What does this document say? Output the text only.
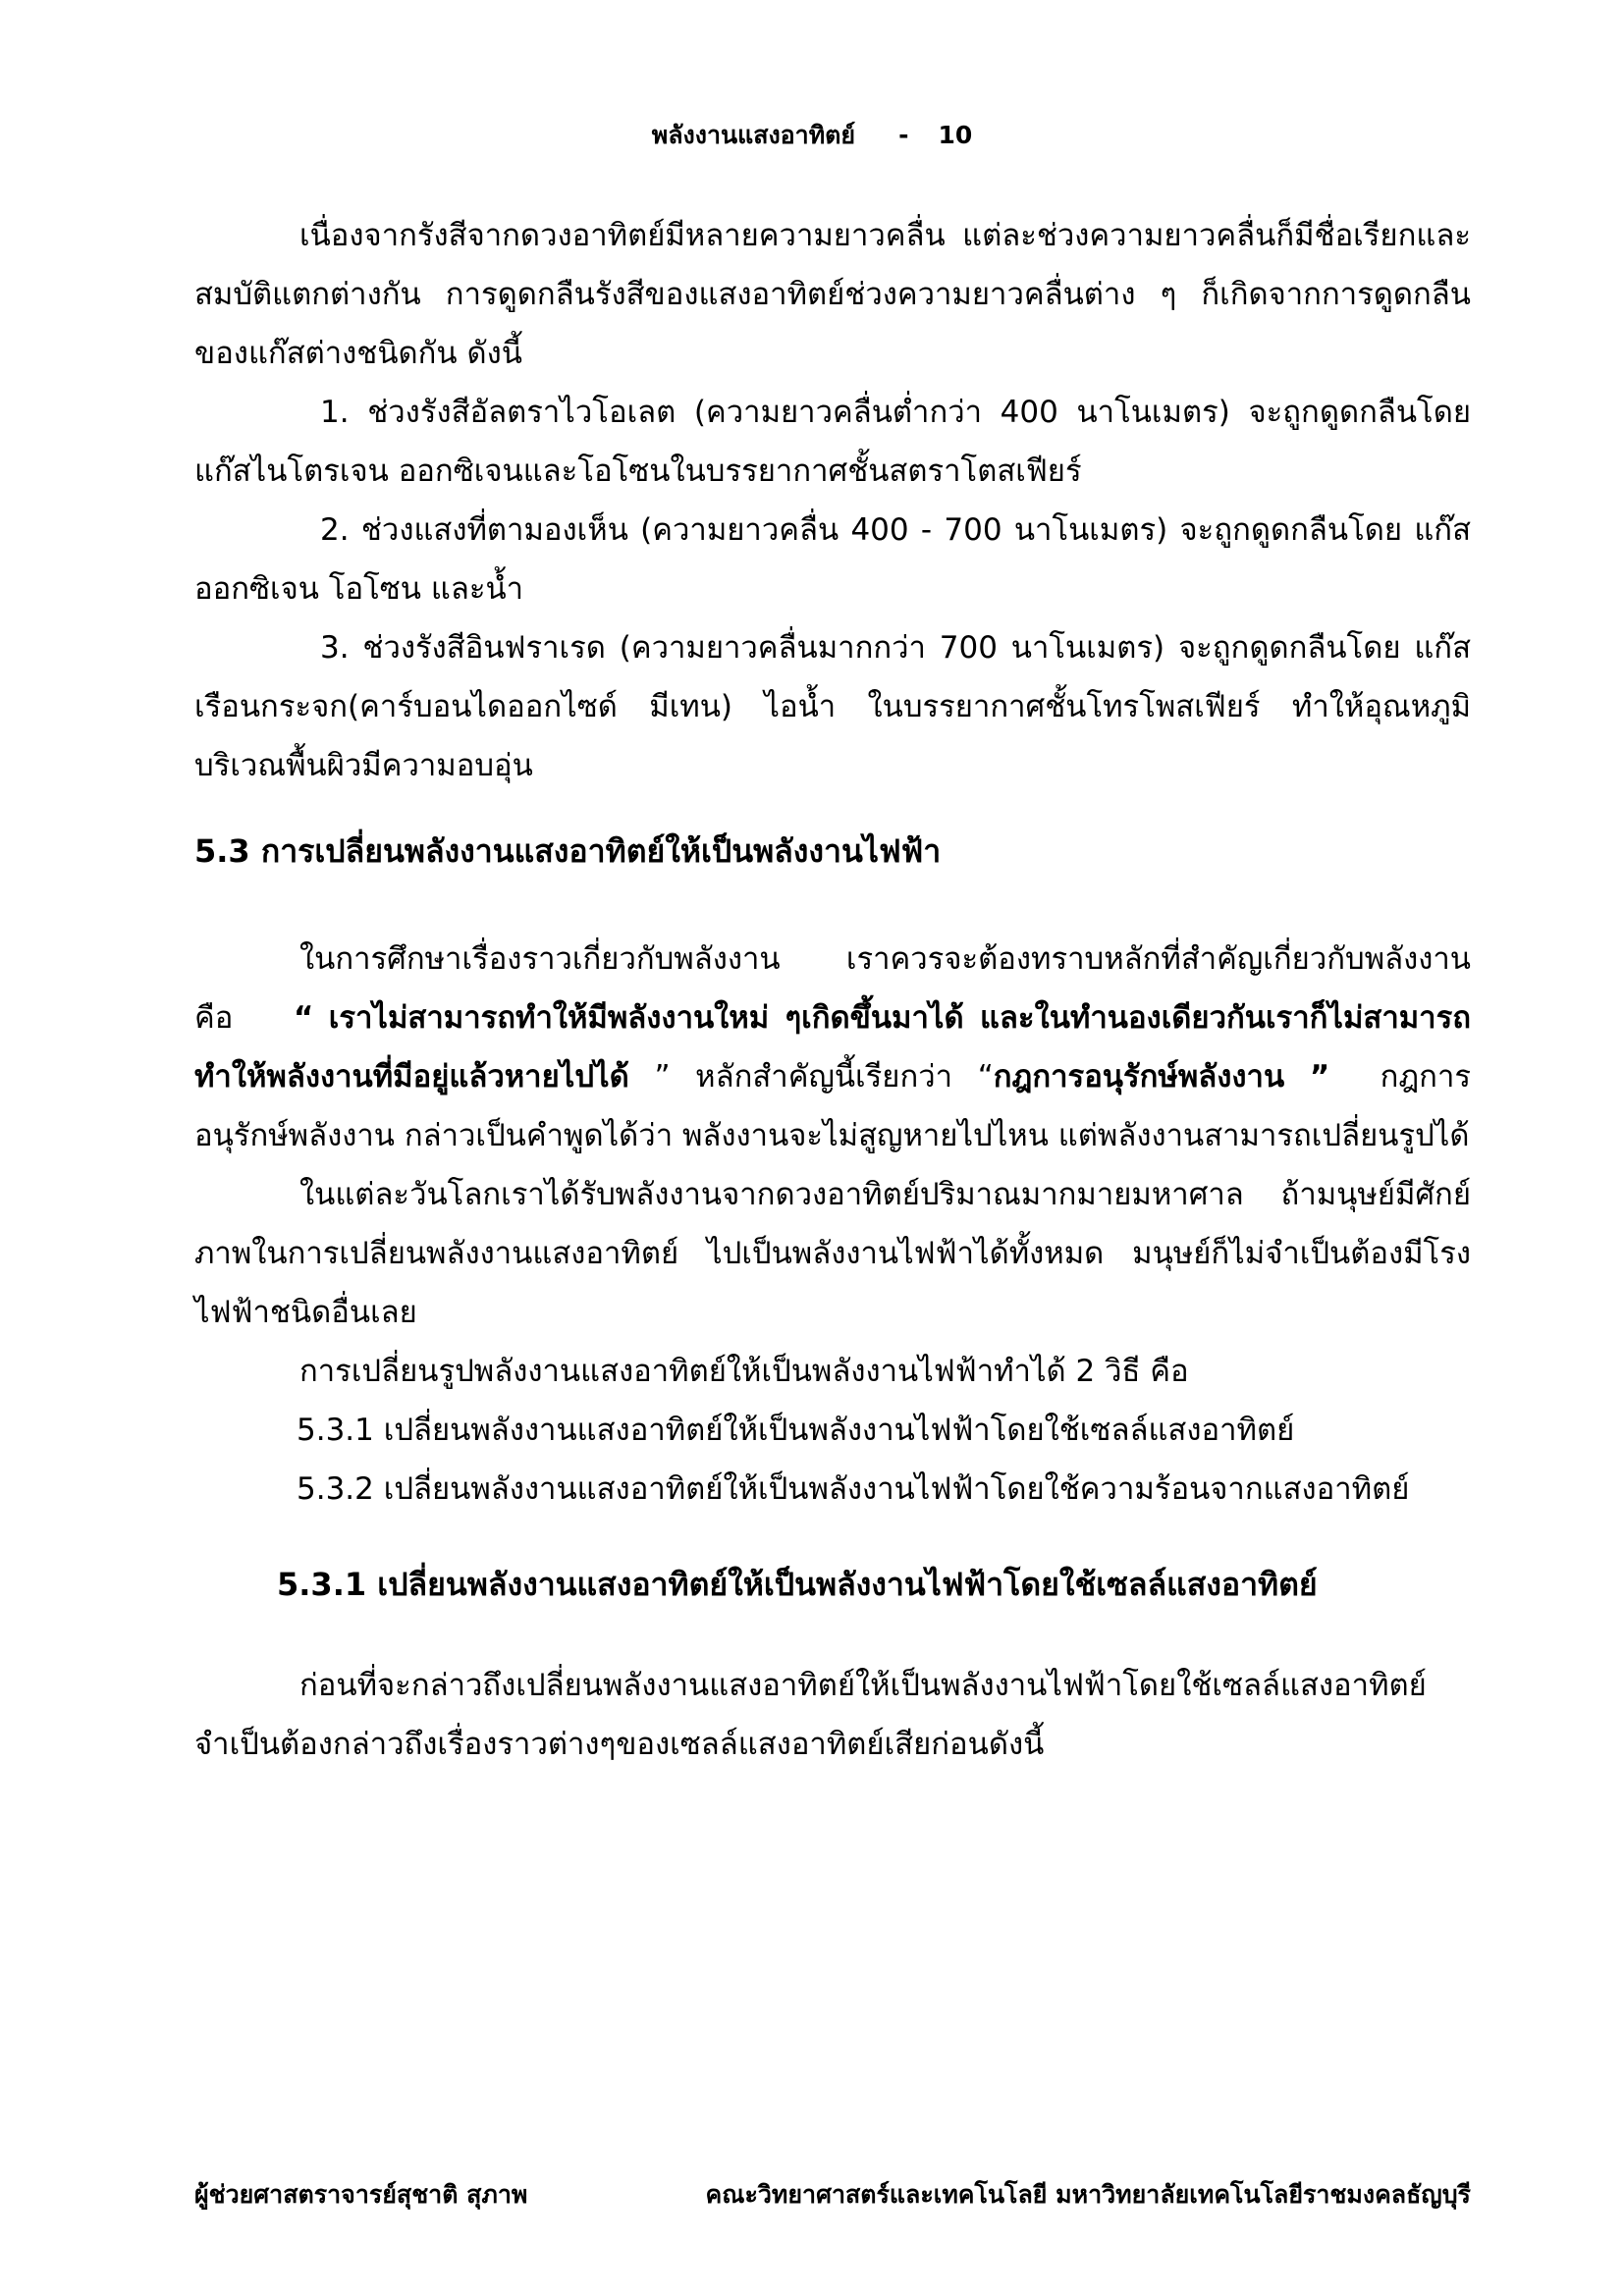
พลังงานแสงอาทิตย์ - 10

เนื่องจากรังสีจากดวงอาทิตย์มีหลายความยาวคลื่น แต่ละช่วงความยาวคลื่นก็มีชื่อเรียกและสมบัติแตกต่างกัน การดูดกลืนรังสีของแสงอาทิตย์ช่วงความยาวคลื่นต่าง ๆ ก็เกิดจากการดูดกลืนของแก๊สต่างชนิดกัน ดังนี้

1. ช่วงรังสีอัลตราไวโอเลต (ความยาวคลื่นต่ำกว่า 400 นาโนเมตร) จะถูกดูดกลืนโดยแก๊สไนโตรเจน ออกซิเจนและโอโซนในบรรยากาศชั้นสตราโตสเฟียร์

2. ช่วงแสงที่ตามองเห็น (ความยาวคลื่น 400 - 700 นาโนเมตร) จะถูกดูดกลืนโดย แก๊สออกซิเจน โอโซน และน้ำ

3. ช่วงรังสีอินฟราเรด (ความยาวคลื่นมากกว่า 700 นาโนเมตร) จะถูกดูดกลืนโดย แก๊สเรือนกระจก(คาร์บอนไดออกไซด์ มีเทน) ไอน้ำ ในบรรยากาศชั้นโทรโพสเฟียร์ ทำให้อุณหภูมิบริเวณพื้นผิวมีความอบอุ่น

5.3 การเปลี่ยนพลังงานแสงอาทิตย์ให้เป็นพลังงานไฟฟ้า

ในการศึกษาเรื่องราวเกี่ยวกับพลังงาน เราควรจะต้องทราบหลักที่สำคัญเกี่ยวกับพลังงาน คือ “ เราไม่สามารถทำให้มีพลังงานใหม่ ๆเกิดขึ้นมาได้ และในทำนองเดียวกันเราก็ไม่สามารถทำให้พลังงานที่มีอยู่แล้วหายไปได้ ” หลักสำคัญนี้เรียกว่า “กฎการอนุรักษ์พลังงาน ” กฎการอนุรักษ์พลังงาน กล่าวเป็นคำพูดได้ว่า พลังงานจะไม่สูญหายไปไหน แต่พลังงานสามารถเปลี่ยนรูปได้

ในแต่ละวันโลกเราได้รับพลังงานจากดวงอาทิตย์ปริมาณมากมายมหาศาล ถ้ามนุษย์มีศักย์ภาพในการเปลี่ยนพลังงานแสงอาทิตย์ ไปเป็นพลังงานไฟฟ้าได้ทั้งหมด มนุษย์ก็ไม่จำเป็นต้องมีโรงไฟฟ้าชนิดอื่นเลย

การเปลี่ยนรูปพลังงานแสงอาทิตย์ให้เป็นพลังงานไฟฟ้าทำได้ 2 วิธี คือ

5.3.1 เปลี่ยนพลังงานแสงอาทิตย์ให้เป็นพลังงานไฟฟ้าโดยใช้เซลล์แสงอาทิตย์

5.3.2 เปลี่ยนพลังงานแสงอาทิตย์ให้เป็นพลังงานไฟฟ้าโดยใช้ความร้อนจากแสงอาทิตย์

5.3.1 เปลี่ยนพลังงานแสงอาทิตย์ให้เป็นพลังงานไฟฟ้าโดยใช้เซลล์แสงอาทิตย์

ก่อนที่จะกล่าวถึงเปลี่ยนพลังงานแสงอาทิตย์ให้เป็นพลังงานไฟฟ้าโดยใช้เซลล์แสงอาทิตย์จำเป็นต้องกล่าวถึงเรื่องราวต่างๆของเซลล์แสงอาทิตย์เสียก่อนดังนี้

ผู้ช่วยศาสตราจารย์สุชาติ สุภาพ	คณะวิทยาศาสตร์และเทคโนโลยี มหาวิทยาลัยเทคโนโลยีราชมงคลธัญบุรี
